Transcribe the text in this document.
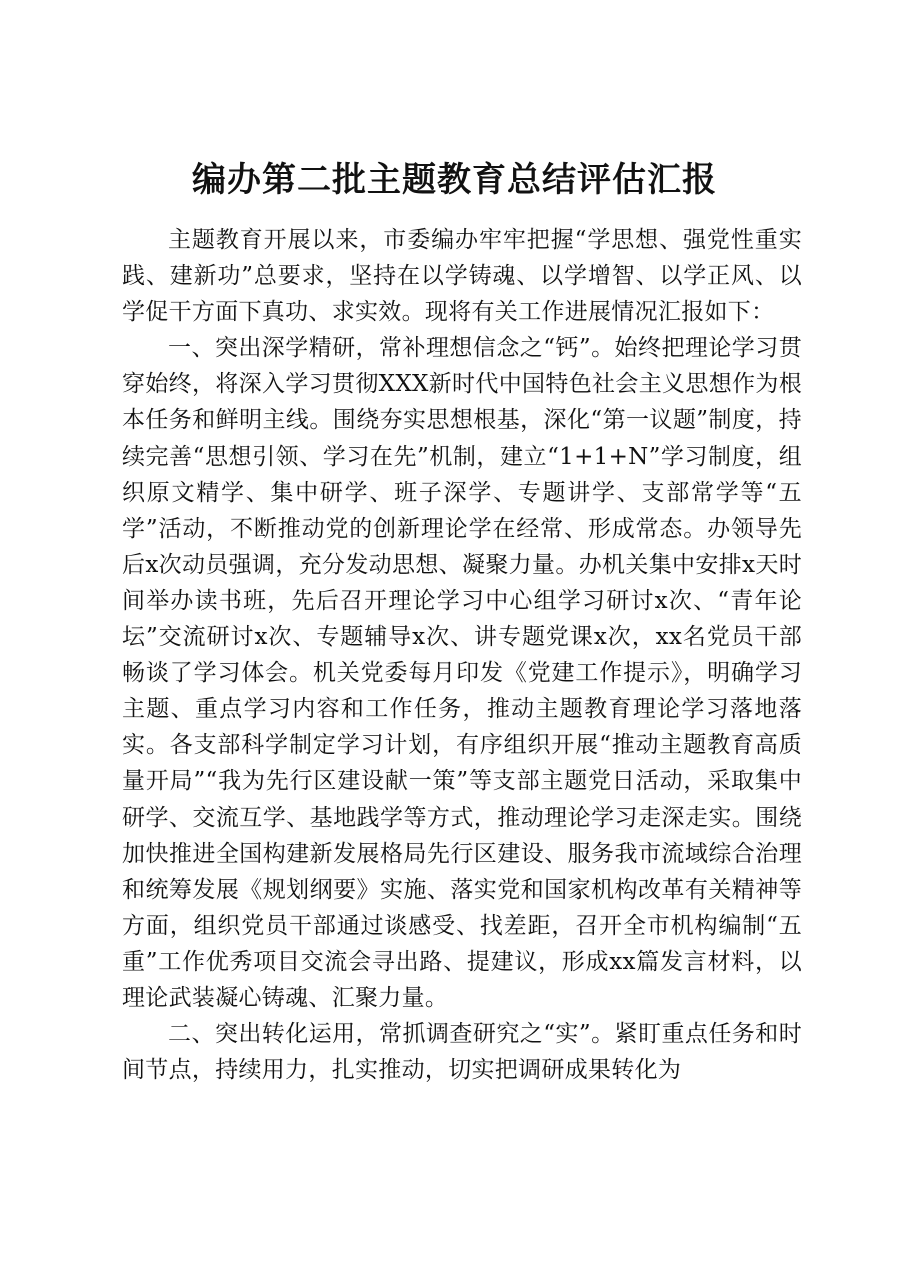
编办第二批主题教育总结评估汇报

主题教育开展以来，市委编办牢牢把握“学思想、强党性重实践、建新功”总要求，坚持在以学铸魂、以学增智、以学正风、以学促干方面下真功、求实效。现将有关工作进展情况汇报如下：

一、突出深学精研，常补理想信念之“钙”。始终把理论学习贯穿始终，将深入学习贯彻XXX新时代中国特色社会主义思想作为根本任务和鲜明主线。围绕夯实思想根基，深化“第一议题”制度，持续完善“思想引领、学习在先”机制，建立“1+1+N”学习制度，组织原文精学、集中研学、班子深学、专题讲学、支部常学等“五学”活动，不断推动党的创新理论学在经常、形成常态。办领导先后x次动员强调，充分发动思想、凝聚力量。办机关集中安排x天时间举办读书班，先后召开理论学习中心组学习研讨x次、“青年论坛”交流研讨x次、专题辅导x次、讲专题党课x次，xx名党员干部畅谈了学习体会。机关党委每月印发《党建工作提示》，明确学习主题、重点学习内容和工作任务，推动主题教育理论学习落地落实。各支部科学制定学习计划，有序组织开展“推动主题教育高质量开局”“我为先行区建设献一策”等支部主题党日活动，采取集中研学、交流互学、基地践学等方式，推动理论学习走深走实。围绕加快推进全国构建新发展格局先行区建设、服务我市流域综合治理和统筹发展《规划纲要》实施、落实党和国家机构改革有关精神等方面，组织党员干部通过谈感受、找差距，召开全市机构编制“五重”工作优秀项目交流会寻出路、提建议，形成xx篇发言材料，以理论武装凝心铸魂、汇聚力量。

二、突出转化运用，常抓调查研究之“实”。紧盯重点任务和时间节点，持续用力，扎实推动，切实把调研成果转化为
